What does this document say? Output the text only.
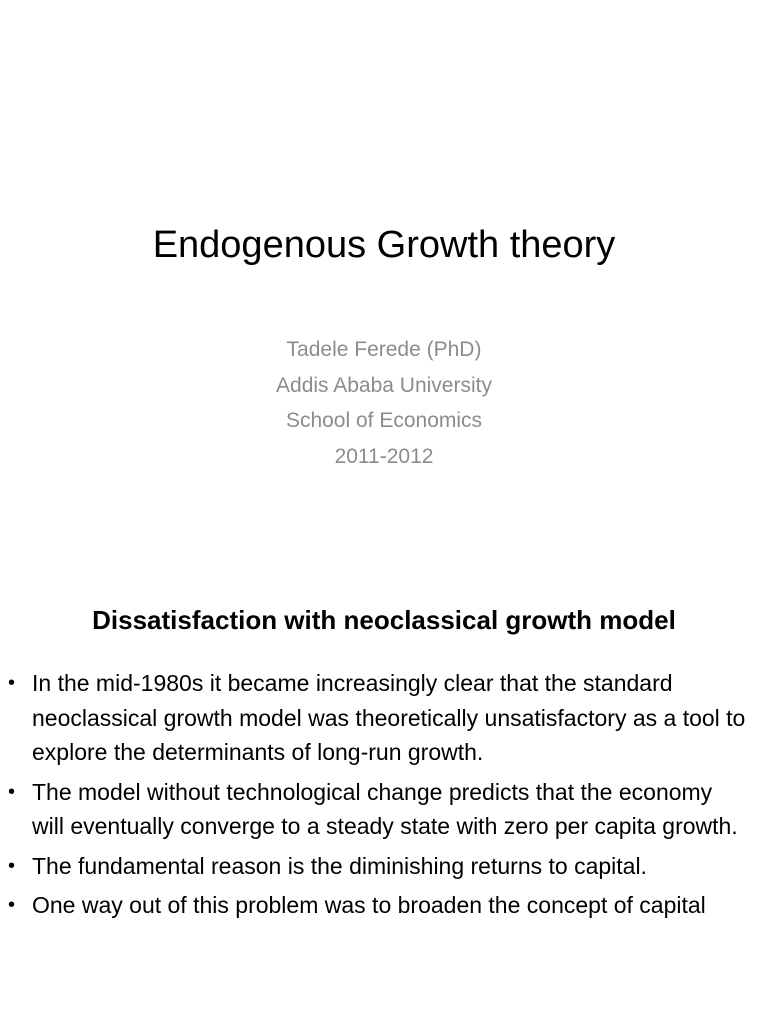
Endogenous Growth theory
Tadele Ferede (PhD)
Addis Ababa University
School of Economics
2011-2012
Dissatisfaction with neoclassical growth model
• In the mid-1980s it became increasingly clear that the standard neoclassical growth model was theoretically unsatisfactory as a tool to explore the determinants of long-run growth.
• The model without technological change predicts that the economy will eventually converge to a steady state with zero per capita growth.
• The fundamental reason is the diminishing returns to capital.
• One way out of this problem was to broaden the concept of capital
